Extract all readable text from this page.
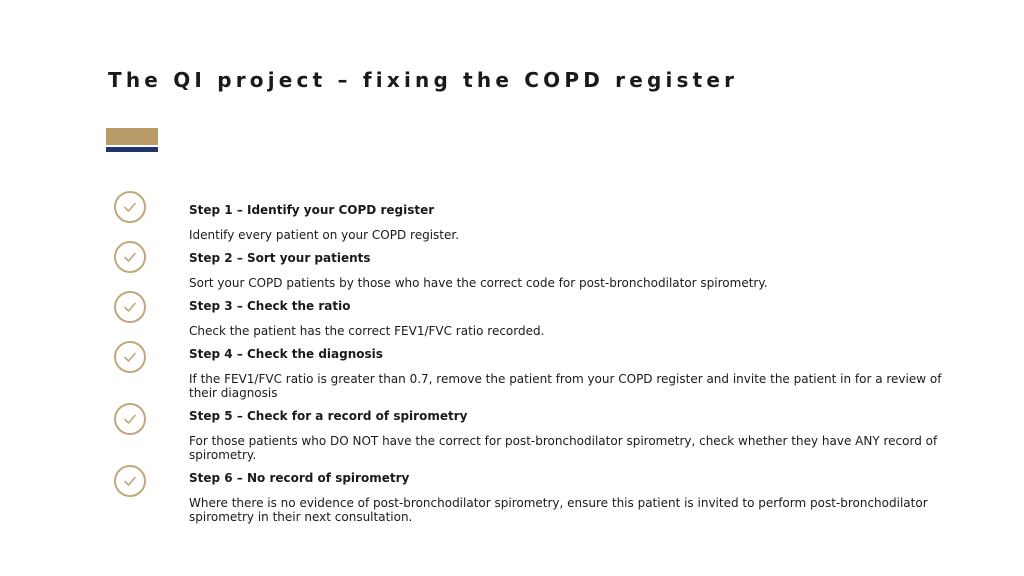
The QI project – fixing the COPD register

Step 1 – Identify your COPD register

Identify every patient on your COPD register.

Step 2 – Sort your patients

Sort your COPD patients by those who have the correct code for post-bronchodilator spirometry.

Step 3 – Check the ratio

Check the patient has the correct FEV1/FVC ratio recorded.

Step 4 – Check the diagnosis

If the FEV1/FVC ratio is greater than 0.7, remove the patient from your COPD register and invite the patient in for a review of their diagnosis

Step 5 – Check for a record of spirometry

For those patients who DO NOT have the correct for post-bronchodilator spirometry, check whether they have ANY record of spirometry.

Step 6 – No record of spirometry

Where there is no evidence of post-bronchodilator spirometry, ensure this patient is invited to perform post-bronchodilator spirometry in their next consultation.
